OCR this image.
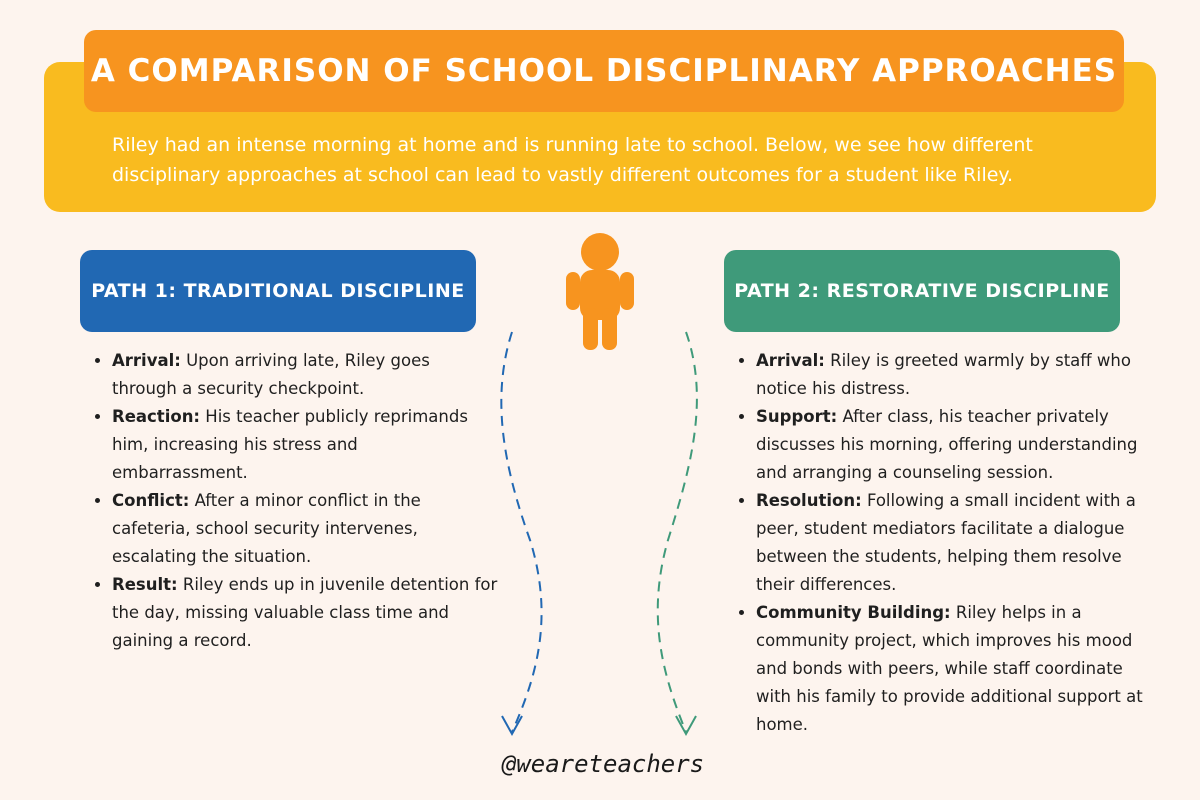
Riley had an intense morning at home and is running late to school. Below, we see how different
disciplinary approaches at school can lead to vastly different outcomes for a student like Riley.

A COMPARISON OF SCHOOL DISCIPLINARY APPROACHES
PATH 1: TRADITIONAL DISCIPLINE	PATH 2: RESTORATIVE DISCIPLINE
• Arrival: Upon arriving late, Riley goes through a security checkpoint.
• Reaction: His teacher publicly reprimands him, increasing his stress and embarrassment.
• Conflict: After a minor conflict in the cafeteria, school security intervenes, escalating the situation.
• Result: Riley ends up in juvenile detention for the day, missing valuable class time and gaining a record.
• Arrival: Riley is greeted warmly by staff who notice his distress.
• Support: After class, his teacher privately discusses his morning, offering understanding and arranging a counseling session.
• Resolution: Following a small incident with a peer, student mediators facilitate a dialogue between the students, helping them resolve their differences.
• Community Building: Riley helps in a community project, which improves his mood and bonds with peers, while staff coordinate with his family to provide additional support at home.
@weareteachers
